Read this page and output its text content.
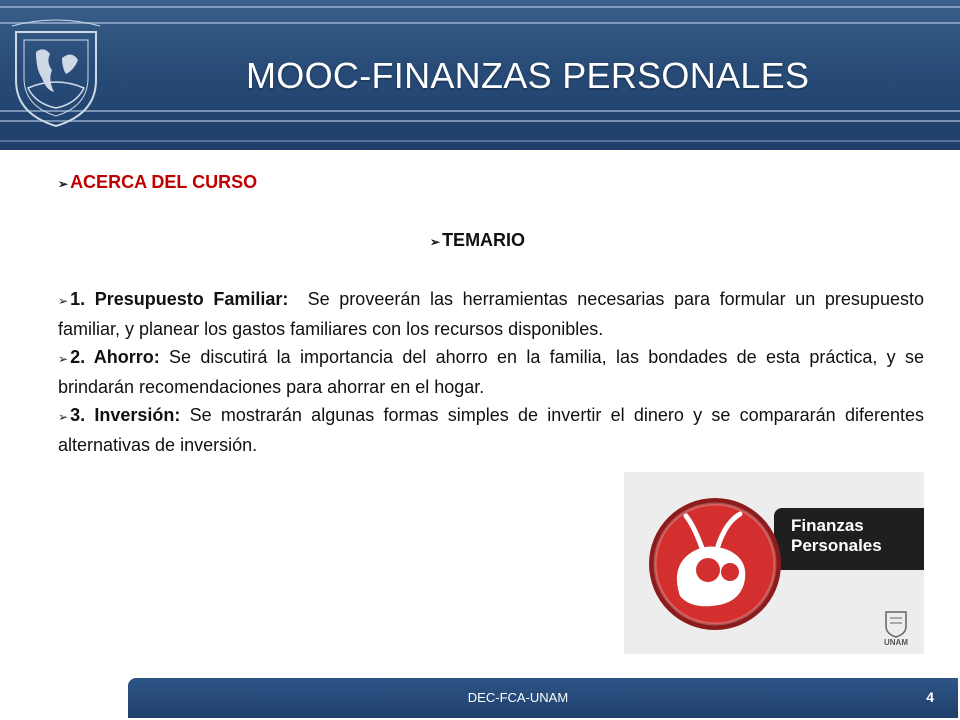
MOOC-FINANZAS PERSONALES
➢ ACERCA DEL CURSO
➢ TEMARIO

➢ 1. Presupuesto Familiar: Se proveerán las herramientas necesarias para formular un presupuesto familiar, y planear los gastos familiares con los recursos disponibles.

➢ 2. Ahorro: Se discutirá la importancia del ahorro en la familia, las bondades de esta práctica, y se brindarán recomendaciones para ahorrar en el hogar.

➢ 3. Inversión: Se mostrarán algunas formas simples de invertir el dinero y se compararán diferentes alternativas de inversión.

Finanzas
Personales
UNAM
DEC-FCA-UNAM	4
